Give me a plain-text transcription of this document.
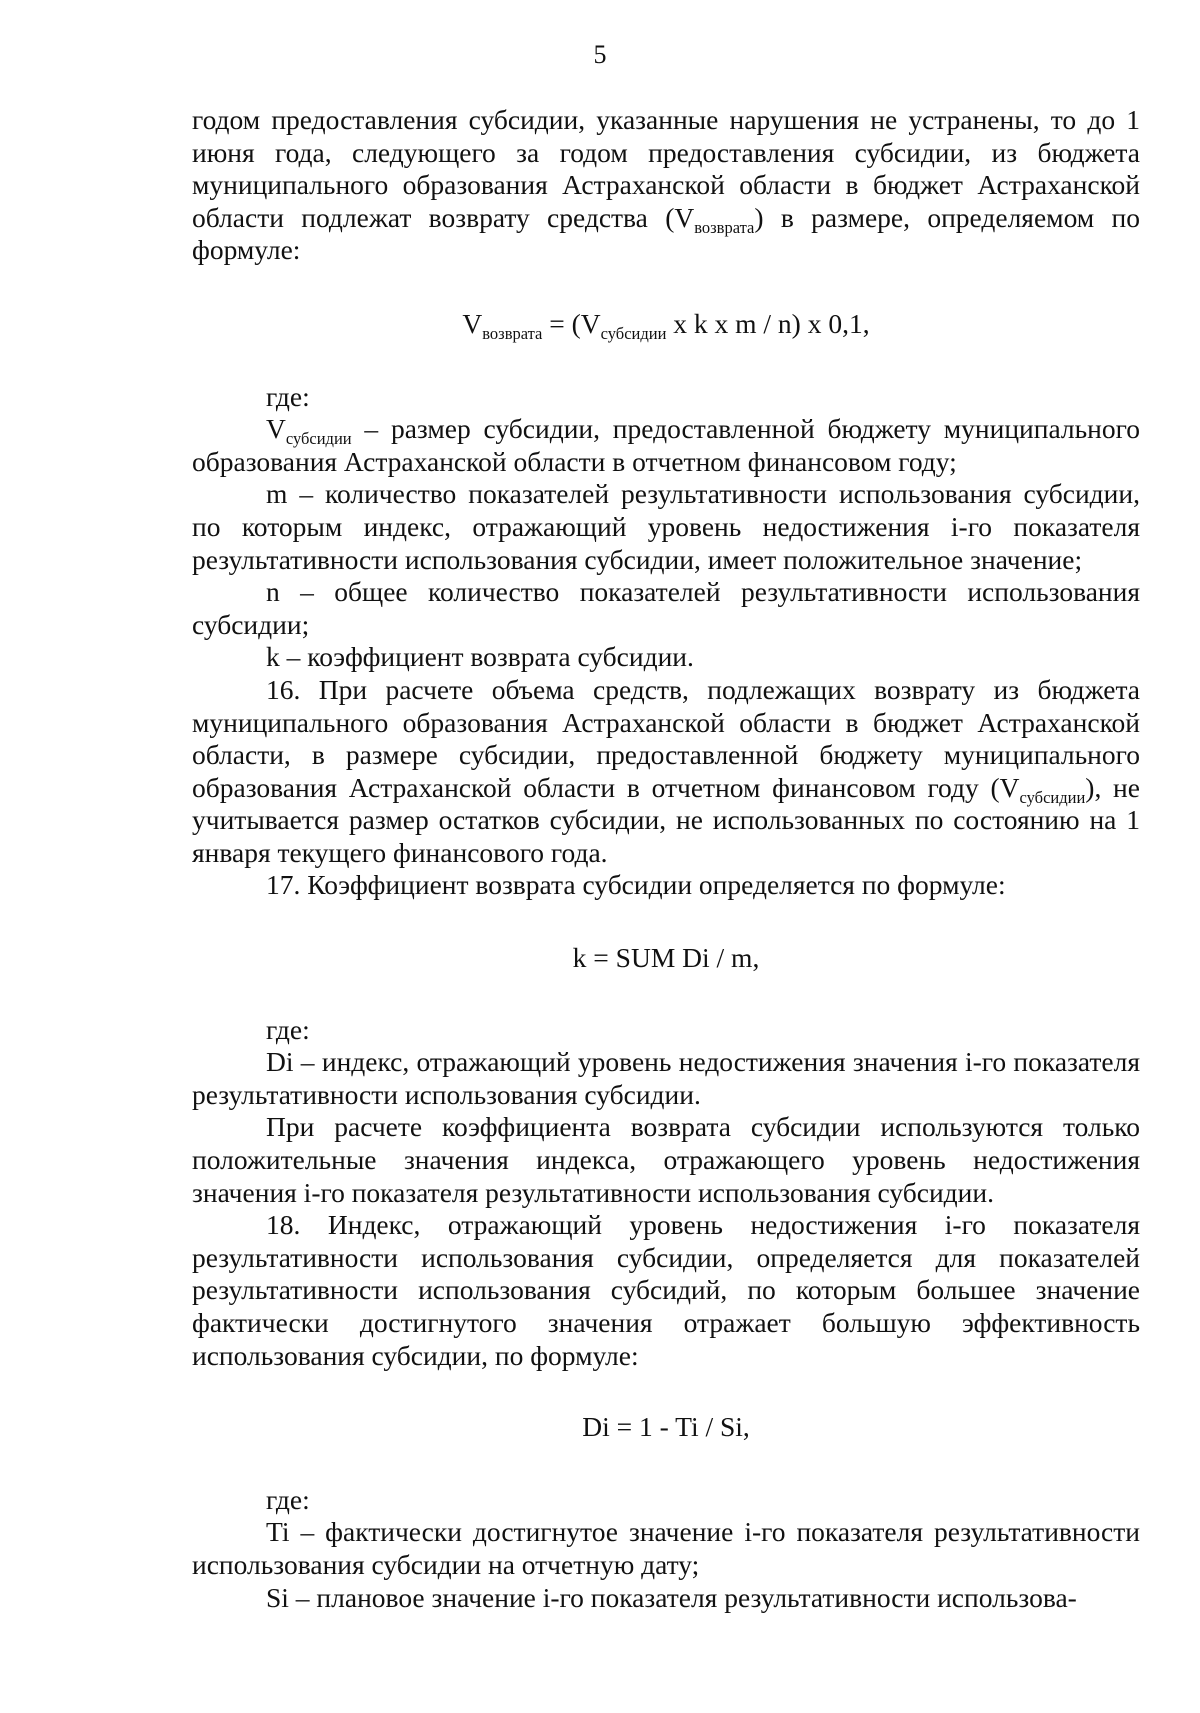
5

годом предоставления субсидии, указанные нарушения не устранены, то до 1 июня года, следующего за годом предоставления субсидии, из бюджета муниципального образования Астраханской области в бюджет Астраханской области подлежат возврату средства $(V_{возврата})$ в размере, определяемом по формуле:

$V_{возврата} = (V_{субсидии}$ x k x m / n) x 0,1,

где:

$V_{субсидии}$ – размер субсидии, предоставленной бюджету муниципального образования Астраханской области в отчетном финансовом году;

m – количество показателей результативности использования субсидии, по которым индекс, отражающий уровень недостижения i-го показателя результативности использования субсидии, имеет положительное значение;

n – общее количество показателей результативности использования субсидии;

k – коэффициент возврата субсидии.

16. При расчете объема средств, подлежащих возврату из бюджета муниципального образования Астраханской области в бюджет Астраханской области, в размере субсидии, предоставленной бюджету муниципального образования Астраханской области в отчетном финансовом году $(V_{субсидии})$, не учитывается размер остатков субсидии, не использованных по состоянию на 1 января текущего финансового года.

17. Коэффициент возврата субсидии определяется по формуле:

k = SUM Di / m,

где:

Di – индекс, отражающий уровень недостижения значения i-го показателя результативности использования субсидии.

При расчете коэффициента возврата субсидии используются только положительные значения индекса, отражающего уровень недостижения значения i-го показателя результативности использования субсидии.

18. Индекс, отражающий уровень недостижения i-го показателя результативности использования субсидии, определяется для показателей результативности использования субсидий, по которым большее значение фактически достигнутого значения отражает большую эффективность использования субсидии, по формуле:

Di = 1 - Ti / Si,

где:

Ti – фактически достигнутое значение i-го показателя результативности использования субсидии на отчетную дату;

Si – плановое значение i-го показателя результативности использова-
